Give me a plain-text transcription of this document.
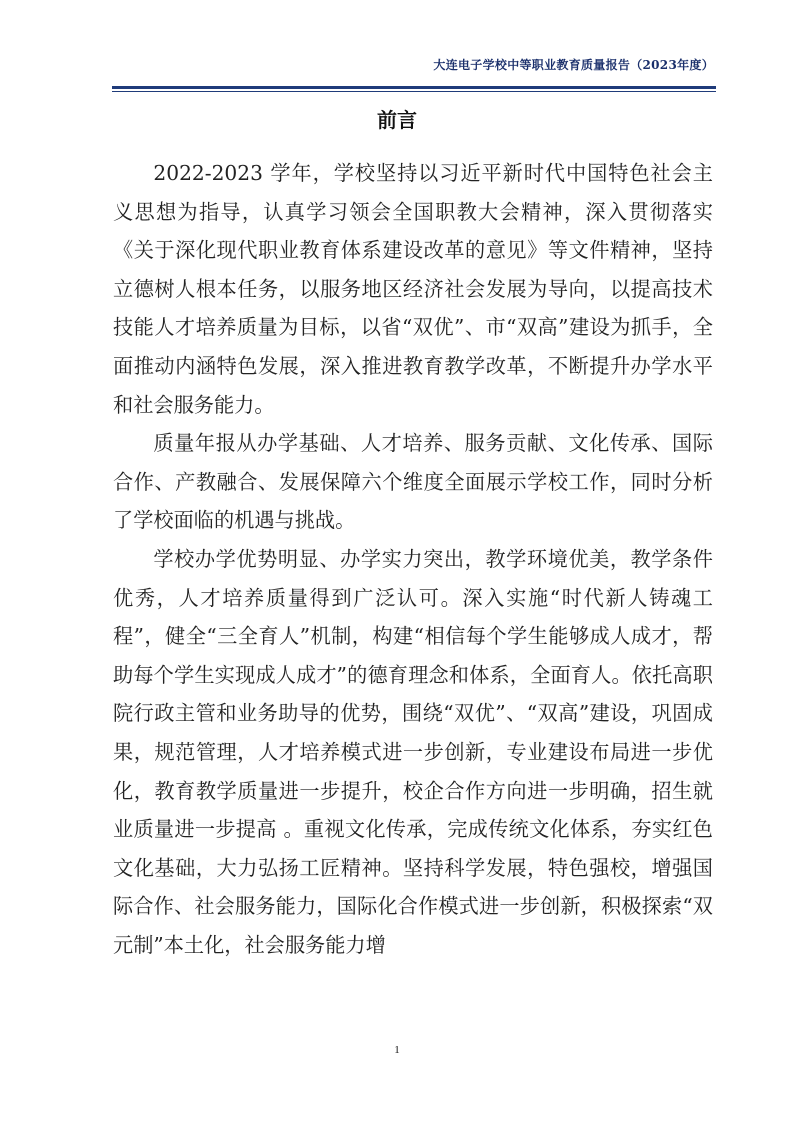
大连电子学校中等职业教育质量报告（2023年度）
前言

2022-2023 学年，学校坚持以习近平新时代中国特色社会主义思想为指导，认真学习领会全国职教大会精神，深入贯彻落实《关于深化现代职业教育体系建设改革的意见》等文件精神，坚持立德树人根本任务，以服务地区经济社会发展为导向，以提高技术技能人才培养质量为目标，以省“双优”、市“双高”建设为抓手，全面推动内涵特色发展，深入推进教育教学改革，不断提升办学水平和社会服务能力。

质量年报从办学基础、人才培养、服务贡献、文化传承、国际合作、产教融合、发展保障六个维度全面展示学校工作，同时分析了学校面临的机遇与挑战。

学校办学优势明显、办学实力突出，教学环境优美，教学条件优秀，人才培养质量得到广泛认可。深入实施“时代新人铸魂工程”，健全“三全育人”机制，构建“相信每个学生能够成人成才，帮助每个学生实现成人成才”的德育理念和体系，全面育人。依托高职院行政主管和业务助导的优势，围绕“双优”、“双高”建设，巩固成果，规范管理，人才培养模式进一步创新，专业建设布局进一步优化，教育教学质量进一步提升，校企合作方向进一步明确，招生就业质量进一步提高 。重视文化传承，完成传统文化体系，夯实红色文化基础，大力弘扬工匠精神。坚持科学发展，特色强校，增强国际合作、社会服务能力，国际化合作模式进一步创新，积极探索“双元制”本土化，社会服务能力增

1
